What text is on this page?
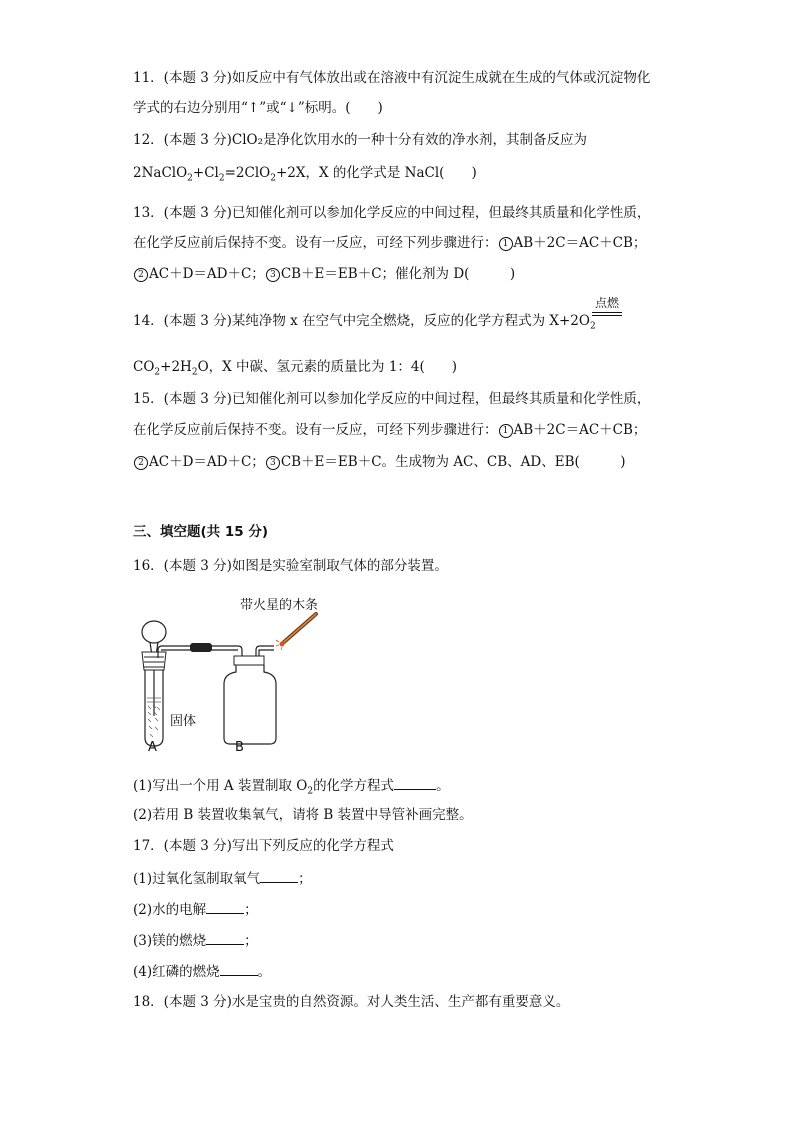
11．(本题 3 分)如反应中有气体放出或在溶液中有沉淀生成就在生成的气体或沉淀物化
学式的右边分别用“↑”或“↓”标明。(　　)
12．(本题 3 分)ClO₂是净化饮用水的一种十分有效的净水剂，其制备反应为
$2NaClO_2+Cl_2=2ClO_2+2X$，X 的化学式是 NaCl(　　)
13．(本题 3 分)已知催化剂可以参加化学反应的中间过程，但最终其质量和化学性质，
在化学反应前后保持不变。设有一反应，可经下列步骤进行： 1 AB＋2C＝AC＋CB；
2 AC＋D＝AD＋C； 3 CB＋E＝EB＋C；催化剂为 D(　　　)
14．(本题 3 分)某纯净物 x 在空气中完全燃烧，反应的化学方程式为 $X+2O_2$
点燃
$CO_2+2H_2O$，X 中碳、氢元素的质量比为 1：4(　　)
15．(本题 3 分)已知催化剂可以参加化学反应的中间过程，但最终其质量和化学性质，
在化学反应前后保持不变。设有一反应，可经下列步骤进行： 1 AB＋2C＝AC＋CB；
2 AC＋D＝AD＋C； 3 CB＋E＝EB＋C。生成物为 AC、CB、AD、EB(　　　)
三、填空题(共 15 分)
16．(本题 3 分)如图是实验室制取气体的部分装置。
带火星的木条
固体
A	B
(1)写出一个用 A 装置制取 $O_2$的化学方程式	。
(2)若用 B 装置收集氧气，请将 B 装置中导管补画完整。
17．(本题 3 分)写出下列反应的化学方程式
(1)过氧化氢制取氧气	；
(2)水的电解	；
(3)镁的燃烧	；
(4)红磷的燃烧	。
18．(本题 3 分)水是宝贵的自然资源。对人类生活、生产都有重要意义。
